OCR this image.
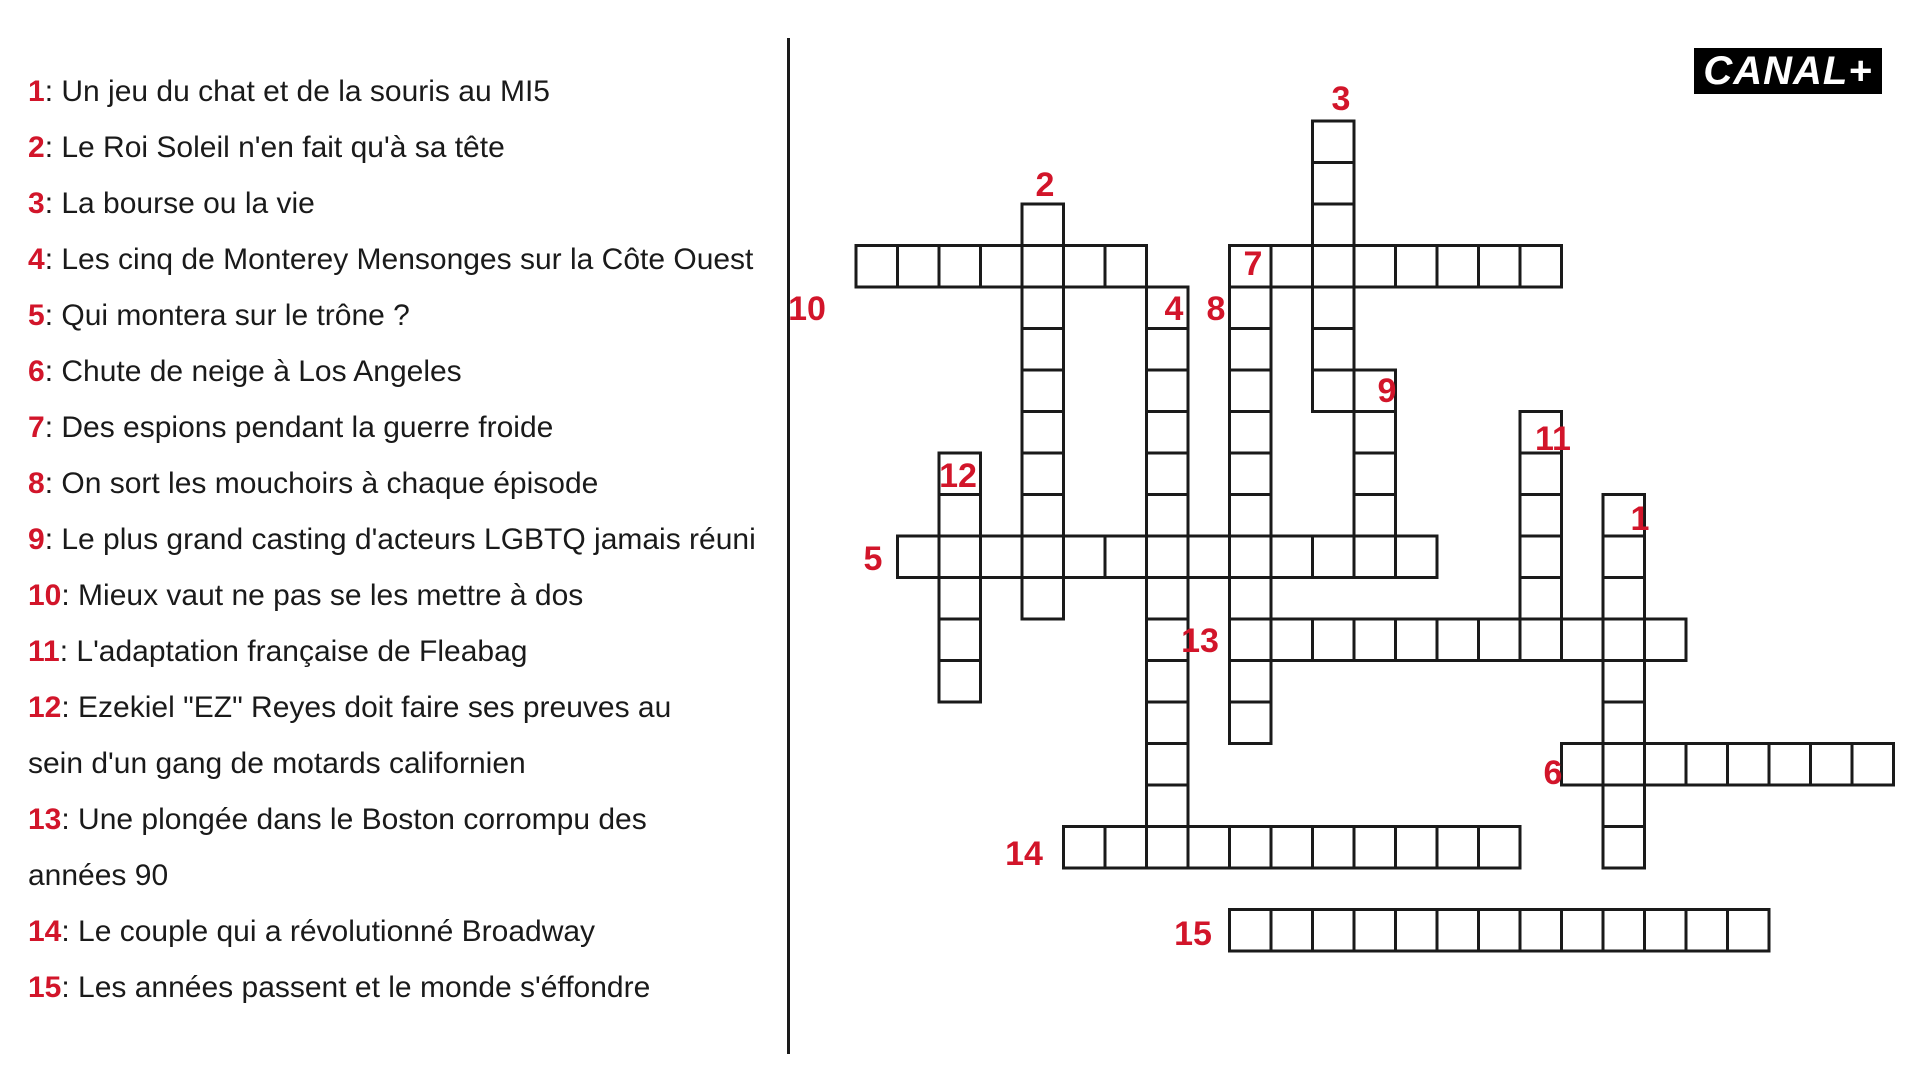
1: Un jeu du chat et de la souris au MI5
2: Le Roi Soleil n'en fait qu'à sa tête
3: La bourse ou la vie
4: Les cinq de Monterey Mensonges sur la Côte Ouest
5: Qui montera sur le trône ?
6: Chute de neige à Los Angeles
7: Des espions pendant la guerre froide
8: On sort les mouchoirs à chaque épisode
9: Le plus grand casting d'acteurs LGBTQ jamais réuni
10: Mieux vaut ne pas se les mettre à dos
11: L'adaptation française de Fleabag
12: Ezekiel "EZ" Reyes doit faire ses preuves au
sein d'un gang de motards californien
13: Une plongée dans le Boston corrompu des
années 90
14: Le couple qui a révolutionné Broadway
15: Les années passent et le monde s'éffondre
CANAL+
1
2
3
4
5
6
7
8
9
10
11
12
13
14
15
